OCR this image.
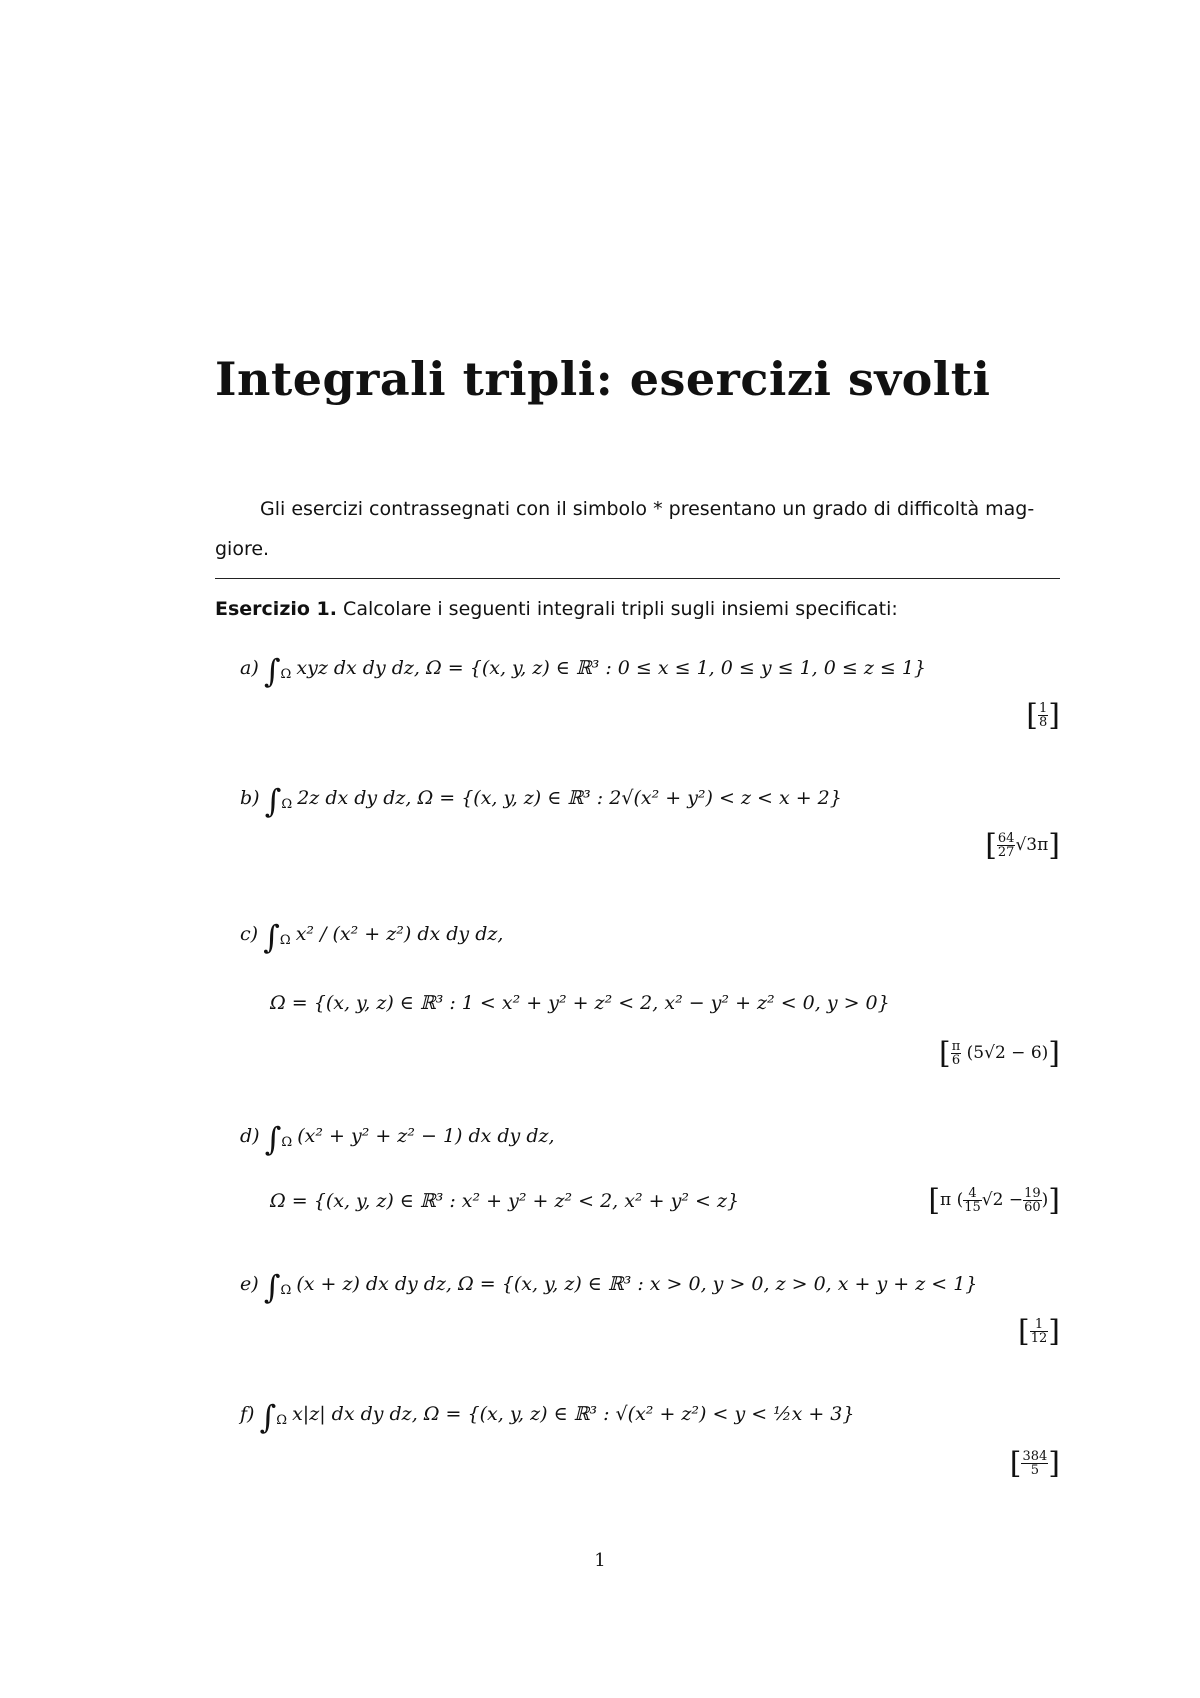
Integrali tripli: esercizi svolti
Gli esercizi contrassegnati con il simbolo * presentano un grado di difficoltà mag-
giore.
Esercizio 1. Calcolare i seguenti integrali tripli sugli insiemi specificati:
a) $\int_\Omega$ xyz dx dy dz, Ω = {(x, y, z) ∈ ℝ³ : 0 ≤ x ≤ 1, 0 ≤ y ≤ 1, 0 ≤ z ≤ 1}
[ $\frac{1}{8}$ ]
b) $\int_\Omega$ 2z dx dy dz, Ω = {(x, y, z) ∈ ℝ³ : 2√(x² + y²) < z < x + 2}
[ $\frac{64}{27} √3\pi$]
c) $\int_\Omega$ x² / (x² + z²) dx dy dz,
Ω = {(x, y, z) ∈ ℝ³ : 1 < x² + y² + z² < 2, x² − y² + z² < 0, y > 0}
[ $\frac{\pi}{6} (5√2 - 6)$]
d) $\int_\Omega$ (x² + y² + z² − 1) dx dy dz,
Ω = {(x, y, z) ∈ ℝ³ : x² + y² + z² < 2, x² + y² < z}	[π ( $\frac{4}{15} √2 - \frac{19}{60}$ )]
e) $\int_\Omega$ (x + z) dx dy dz, Ω = {(x, y, z) ∈ ℝ³ : x > 0, y > 0, z > 0, x + y + z < 1}
[ $\frac{1}{12}$ ]
f) $\int_\Omega$ x|z| dx dy dz, Ω = {(x, y, z) ∈ ℝ³ : √(x² + z²) < y < ½x + 3}
[ $\frac{384}{5}$ ]
1
